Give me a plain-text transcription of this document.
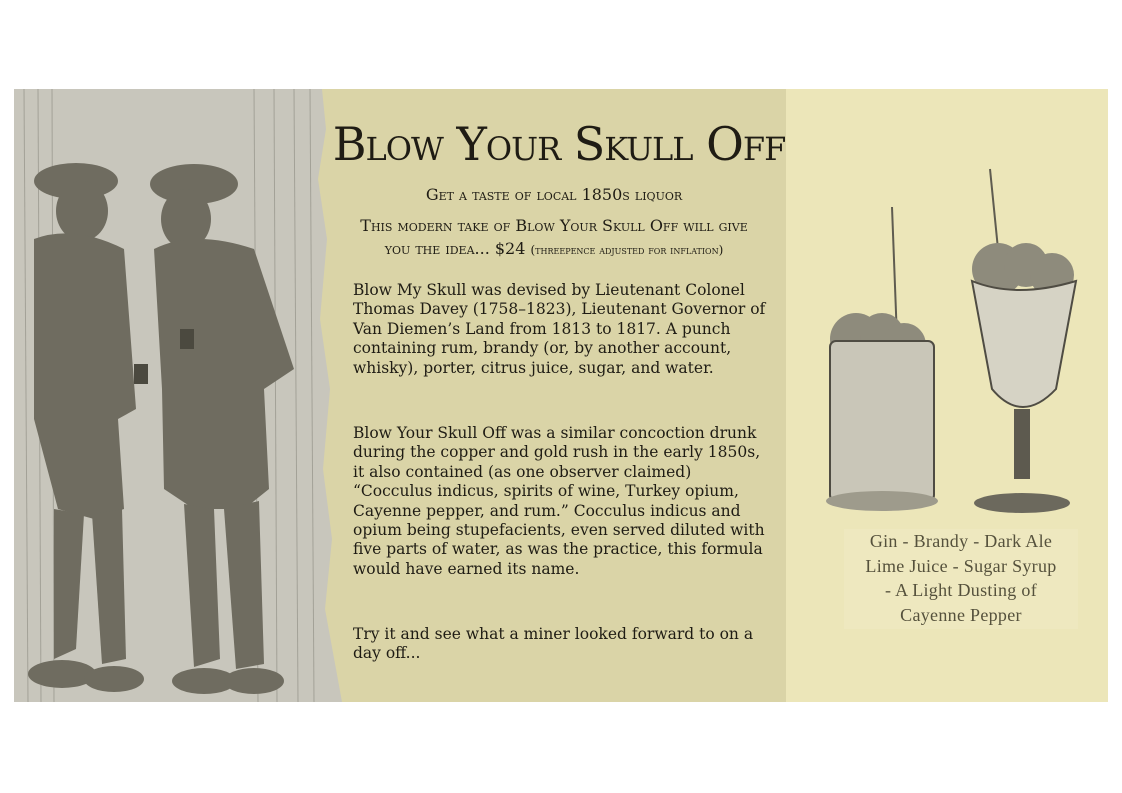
Blow Your Skull Off
Get a taste of local 1850s liquor
This modern take of Blow Your Skull Off will give
you the idea... $24 (threepence adjusted for inflation)

Blow My Skull was devised by Lieutenant Colonel Thomas Davey (1758–1823), Lieutenant Governor of Van Diemen’s Land from 1813 to 1817. A punch containing rum, brandy (or, by another account, whisky), porter, citrus juice, sugar, and water.

Blow Your Skull Off was a similar concoction drunk during the copper and gold rush in the early 1850s, it also contained (as one observer claimed) “Cocculus indicus, spirits of wine, Turkey opium, Cayenne pepper, and rum.” Cocculus indicus and opium being stupefacients, even served diluted with five parts of water, as was the practice, this formula would have earned its name.

Try it and see what a miner looked forward to on a day off...

Gin - Brandy - Dark Ale
Lime Juice - Sugar Syrup
- A Light Dusting of
Cayenne Pepper
